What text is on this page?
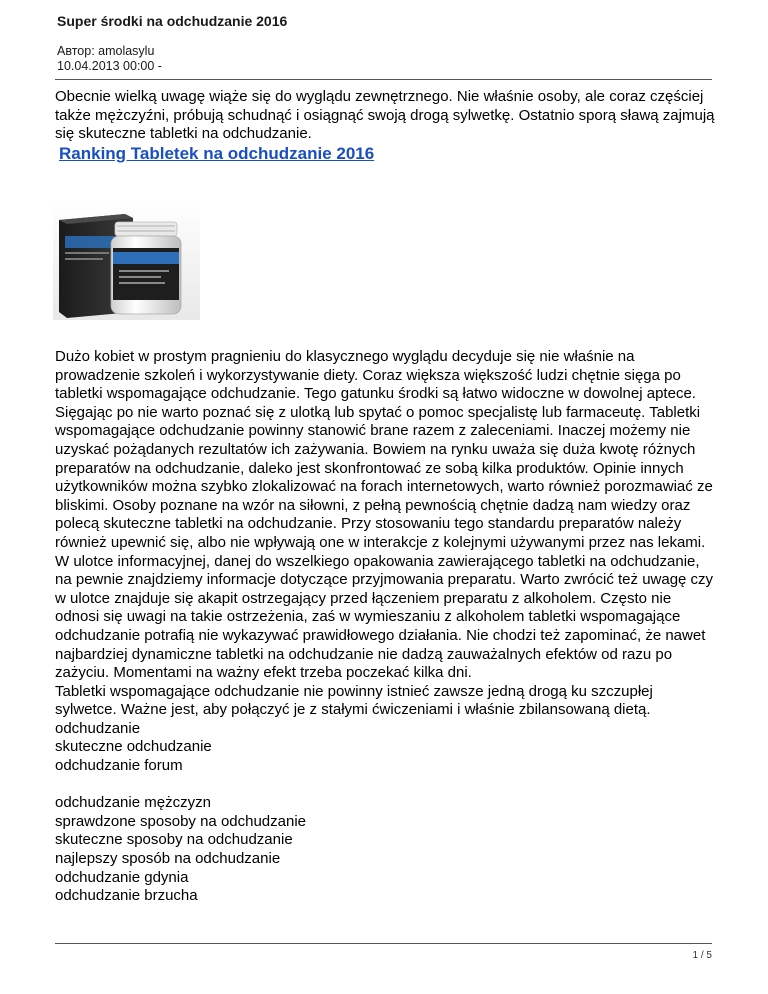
Super środki na odchudzanie 2016
Автор: amolasylu
10.04.2013 00:00 -
Obecnie wielką uwagę wiąże się do wyglądu zewnętrznego. Nie właśnie osoby, ale coraz częściej także mężczyźni, próbują schudnąć i osiągnąć swoją drogą sylwetkę. Ostatnio sporą sławą zajmują się skuteczne tabletki na odchudzanie.
Ranking Tabletek na odchudzanie 2016

Dużo kobiet w prostym pragnieniu do klasycznego wyglądu decyduje się nie właśnie na prowadzenie szkoleń i wykorzystywanie diety. Coraz większa większość ludzi chętnie sięga po tabletki wspomagające odchudzanie. Tego gatunku środki są łatwo widoczne w dowolnej aptece. Sięgając po nie warto poznać się z ulotką lub spytać o pomoc specjalistę lub farmaceutę. Tabletki wspomagające odchudzanie powinny stanowić brane razem z zaleceniami. Inaczej możemy nie uzyskać pożądanych rezultatów ich zażywania. Bowiem na rynku uważa się duża kwotę różnych preparatów na odchudzanie, daleko jest skonfrontować ze sobą kilka produktów. Opinie innych użytkowników można szybko zlokalizować na forach internetowych, warto również porozmawiać ze bliskimi. Osoby poznane na wzór na siłowni, z pełną pewnością chętnie dadzą nam wiedzy oraz polecą skuteczne tabletki na odchudzanie. Przy stosowaniu tego standardu preparatów należy również upewnić się, albo nie wpływają one w interakcje z kolejnymi używanymi przez nas lekami. W ulotce informacyjnej, danej do wszelkiego opakowania zawierającego tabletki na odchudzanie, na pewnie znajdziemy informacje dotyczące przyjmowania preparatu. Warto zwrócić też uwagę czy w ulotce znajduje się akapit ostrzegający przed łączeniem preparatu z alkoholem. Często nie odnosi się uwagi na takie ostrzeżenia, zaś w wymieszaniu z alkoholem tabletki wspomagające odchudzanie potrafią nie wykazywać prawidłowego działania. Nie chodzi też zapominać, że nawet najbardziej dynamiczne tabletki na odchudzanie nie dadzą zauważalnych efektów od razu po zażyciu. Momentami na ważny efekt trzeba poczekać kilka dni.

Tabletki wspomagające odchudzanie nie powinny istnieć zawsze jedną drogą ku szczupłej sylwetce. Ważne jest, aby połączyć je z stałymi ćwiczeniami i właśnie zbilansowaną dietą.

odchudzanie
skuteczne odchudzanie
odchudzanie forum
odchudzanie mężczyzn
sprawdzone sposoby na odchudzanie
skuteczne sposoby na odchudzanie
najlepszy sposób na odchudzanie
odchudzanie gdynia
odchudzanie brzucha
1 / 5
